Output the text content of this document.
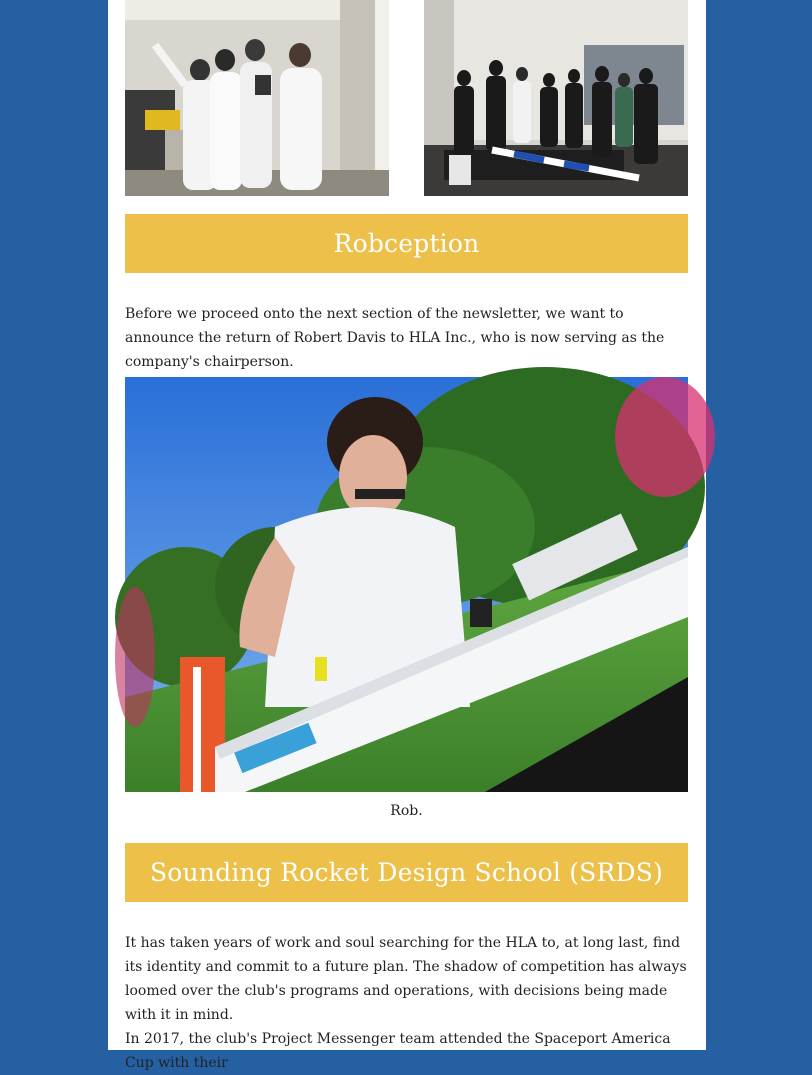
Robception

Before we proceed onto the next section of the newsletter, we want to announce the return of Robert Davis to HLA Inc., who is now serving as the company's chairperson.

Rob.
Sounding Rocket Design School (SRDS)

It has taken years of work and soul searching for the HLA to, at long last, find its identity and commit to a future plan. The shadow of competition has always loomed over the club's programs and operations, with decisions being made with it in mind.

In 2017, the club's Project Messenger team attended the Spaceport America Cup with their
